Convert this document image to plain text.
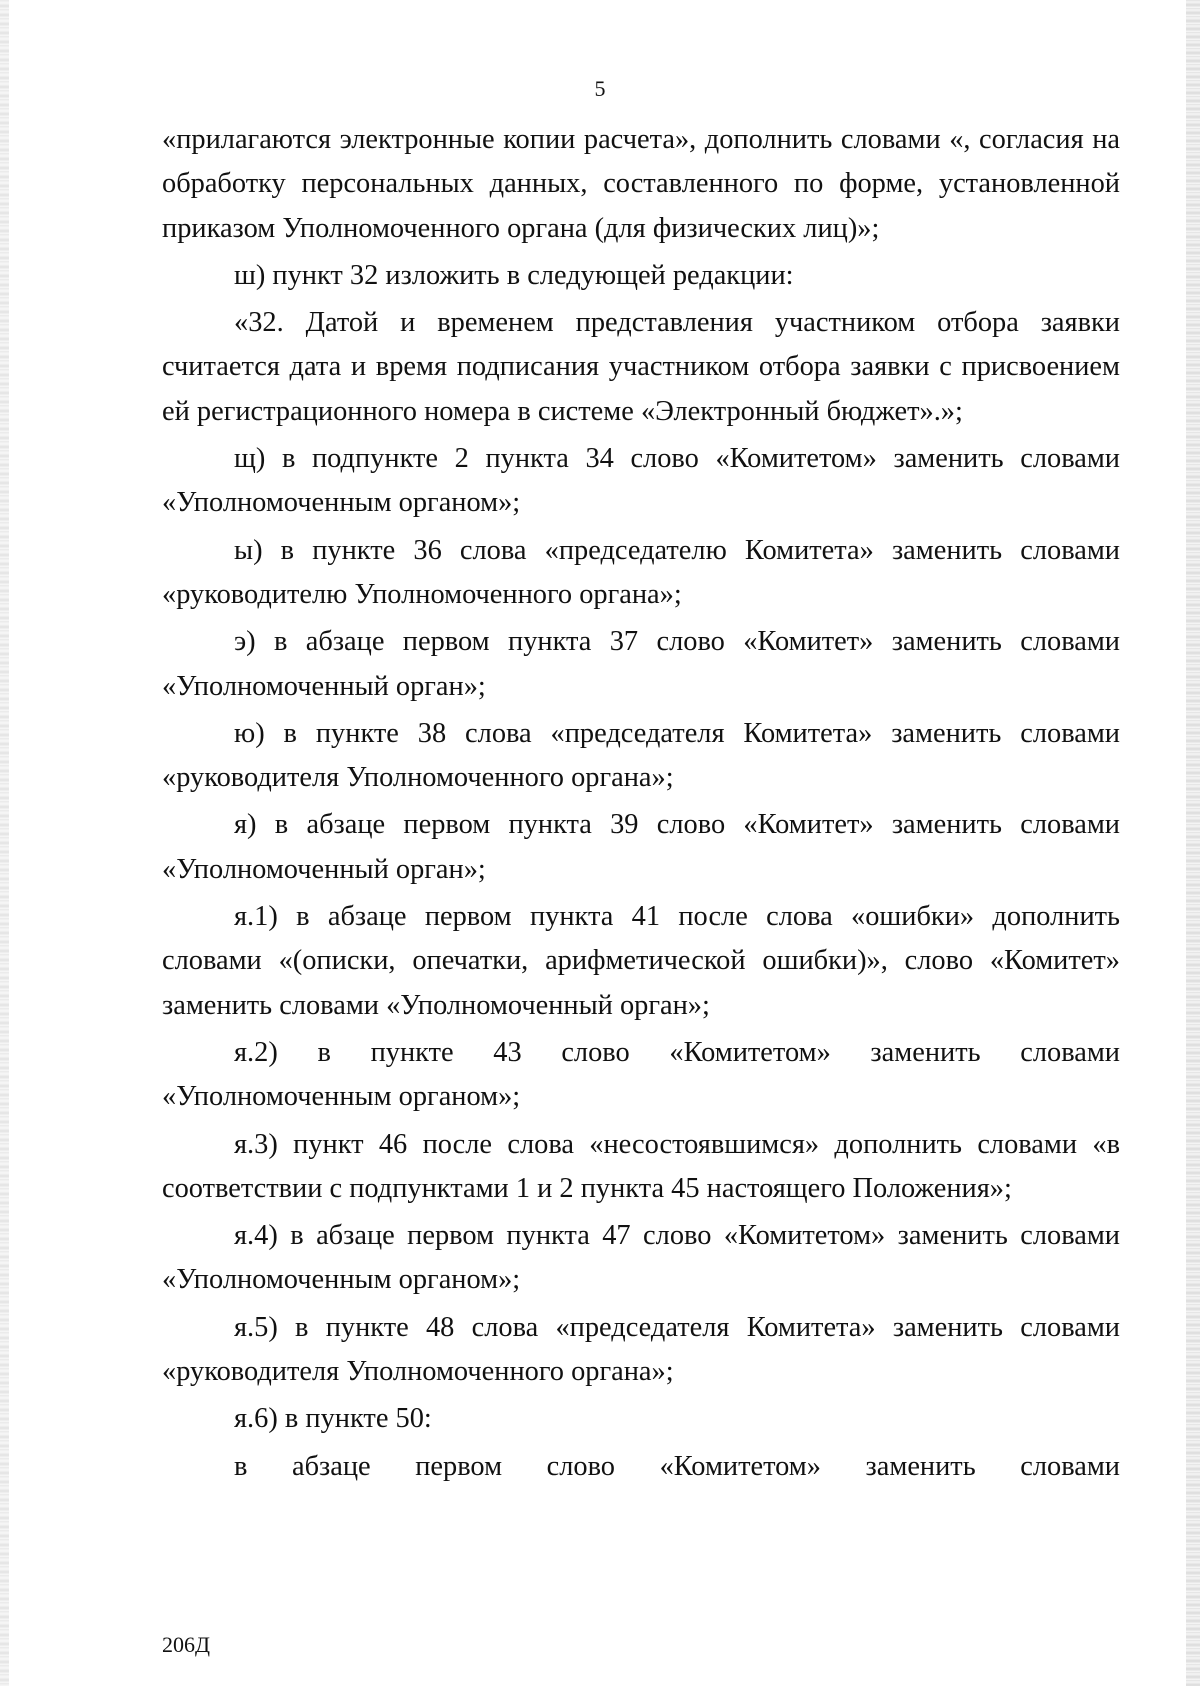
5

«прилагаются электронные копии расчета», дополнить словами «, согласия на обработку персональных данных, составленного по форме, установленной приказом Уполномоченного органа (для физических лиц)»;

ш) пункт 32 изложить в следующей редакции:

«32. Датой и временем представления участником отбора заявки считается дата и время подписания участником отбора заявки с присвоением ей регистрационного номера в системе «Электронный бюджет».»;

щ) в подпункте 2 пункта 34 слово «Комитетом» заменить словами «Уполномоченным органом»;

ы) в пункте 36 слова «председателю Комитета» заменить словами «руководителю Уполномоченного органа»;

э) в абзаце первом пункта 37 слово «Комитет» заменить словами «Уполномоченный орган»;

ю) в пункте 38 слова «председателя Комитета» заменить словами «руководителя Уполномоченного органа»;

я) в абзаце первом пункта 39 слово «Комитет» заменить словами «Уполномоченный орган»;

я.1) в абзаце первом пункта 41 после слова «ошибки» дополнить словами «(описки, опечатки, арифметической ошибки)», слово «Комитет» заменить словами «Уполномоченный орган»;

я.2) в пункте 43 слово «Комитетом» заменить словами «Уполномоченным органом»;

я.3) пункт 46 после слова «несостоявшимся» дополнить словами «в соответствии с подпунктами 1 и 2 пункта 45 настоящего Положения»;

я.4) в абзаце первом пункта 47 слово «Комитетом» заменить словами «Уполномоченным органом»;

я.5) в пункте 48 слова «председателя Комитета» заменить словами «руководителя Уполномоченного органа»;

я.6) в пункте 50:

в абзаце первом слово «Комитетом» заменить словами

206Д
